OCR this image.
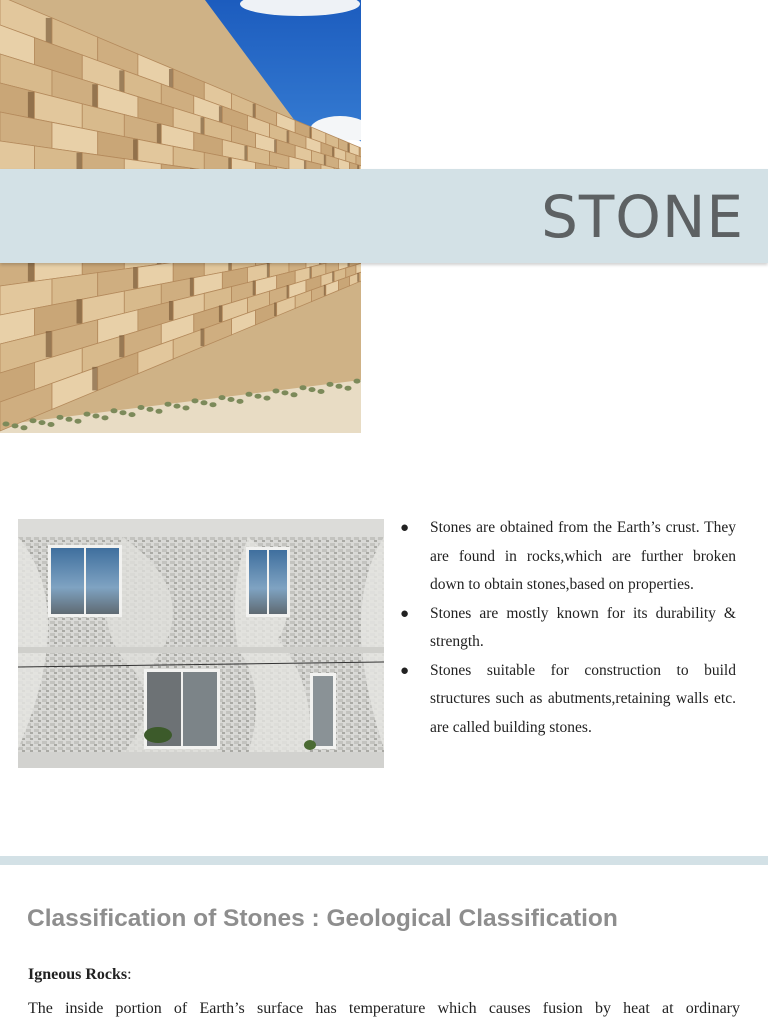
STONE
● Stones are obtained from the Earth’s crust. They are found in rocks,which are further broken down to obtain stones,based on properties.
● Stones are mostly known for its durability & strength.
● Stones suitable for construction to build structures such as abutments,retaining walls etc. are called building stones.
Classification of Stones : Geological Classification
Igneous Rocks:
The inside portion of Earth’s surface has temperature which causes fusion by heat at ordinary
